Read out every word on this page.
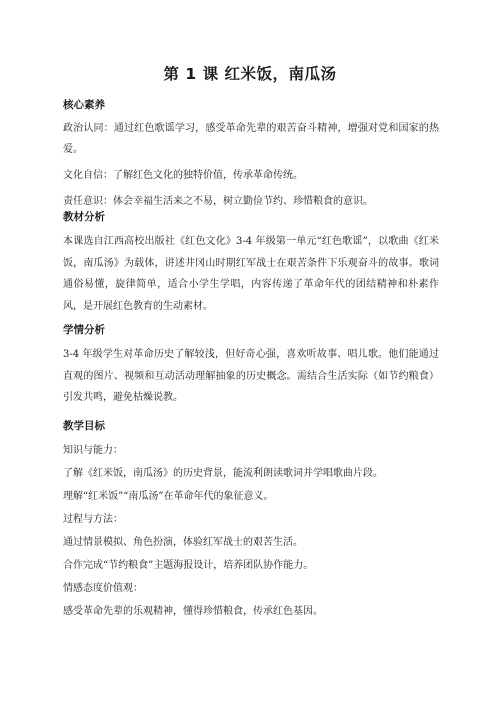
第 1 课 红米饭，南瓜汤
核心素养
政治认同：通过红色歌谣学习，感受革命先辈的艰苦奋斗精神，增强对党和国家的热爱。
文化自信：了解红色文化的独特价值，传承革命传统。
责任意识：体会幸福生活来之不易，树立勤俭节约、珍惜粮食的意识。
教材分析
本课选自江西高校出版社《红色文化》3-4 年级第一单元“红色歌谣”，以歌曲《红米饭，南瓜汤》为载体，讲述井冈山时期红军战士在艰苦条件下乐观奋斗的故事。歌词通俗易懂，旋律简单，适合小学生学唱，内容传递了革命年代的团结精神和朴素作风，是开展红色教育的生动素材。
学情分析
3-4 年级学生对革命历史了解较浅，但好奇心强，喜欢听故事、唱儿歌。他们能通过直观的图片、视频和互动活动理解抽象的历史概念。需结合生活实际（如节约粮食）引发共鸣，避免枯燥说教。
教学目标
知识与能力：
了解《红米饭，南瓜汤》的历史背景，能流利朗读歌词并学唱歌曲片段。
理解“红米饭”“南瓜汤”在革命年代的象征意义。
过程与方法：
通过情景模拟、角色扮演，体验红军战士的艰苦生活。
合作完成“节约粮食”主题海报设计，培养团队协作能力。
情感态度价值观：
感受革命先辈的乐观精神，懂得珍惜粮食，传承红色基因。
